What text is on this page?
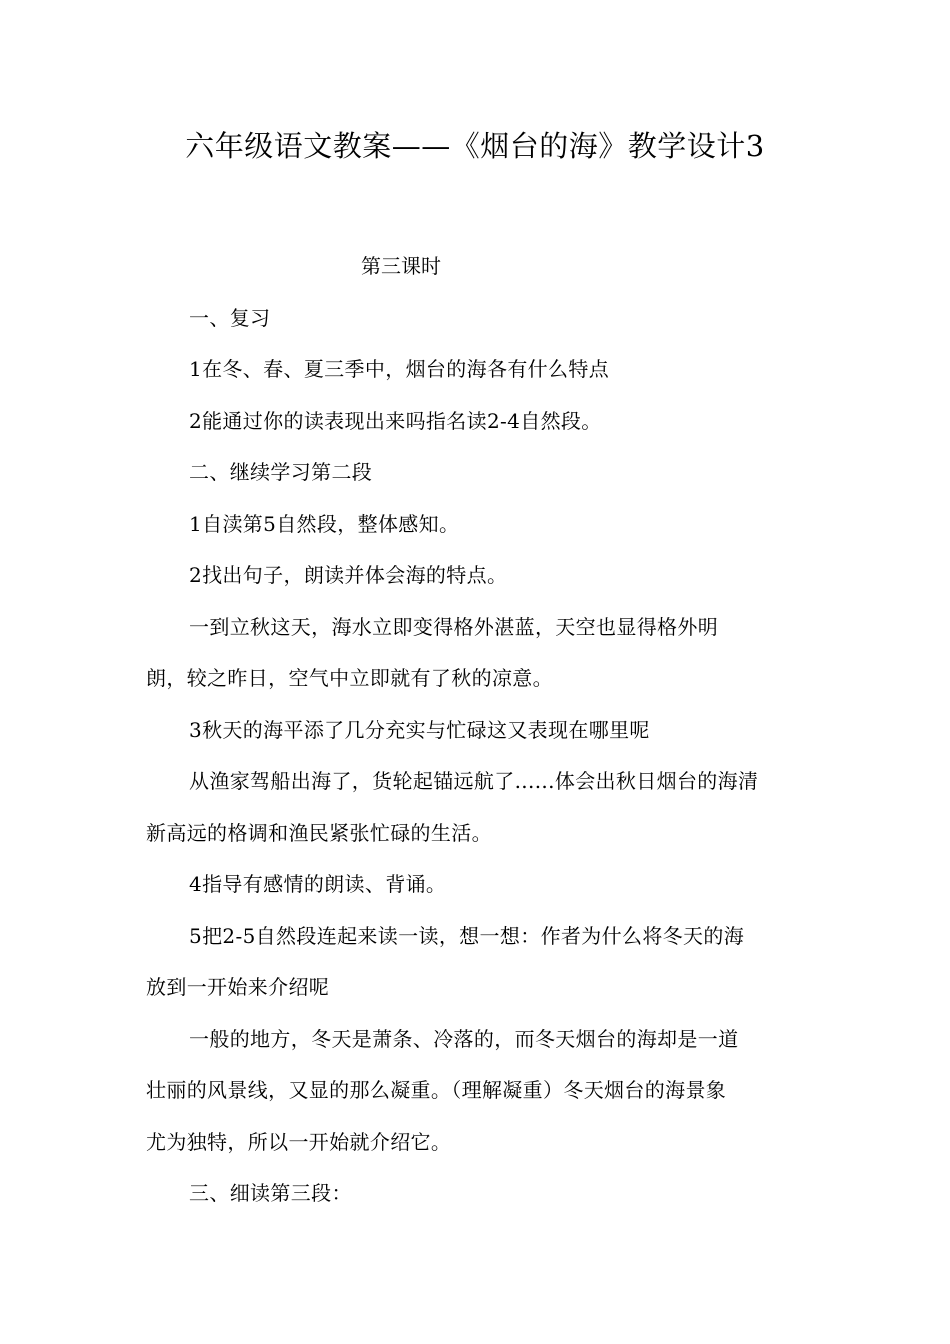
六年级语文教案——《烟台的海》教学设计3
第三课时
一、复习
1在冬、春、夏三季中，烟台的海各有什么特点
2能通过你的读表现出来吗指名读2-4自然段。
二、继续学习第二段
1自渎第5自然段，整体感知。
2找出句子，朗读并体会海的特点。
一到立秋这天，海水立即变得格外湛蓝，天空也显得格外明
朗，较之昨日，空气中立即就有了秋的凉意。
3秋天的海平添了几分充实与忙碌这又表现在哪里呢
从渔家驾船出海了，货轮起锚远航了......体会出秋日烟台的海清
新高远的格调和渔民紧张忙碌的生活。
4指导有感情的朗读、背诵。
5把2-5自然段连起来读一读，想一想：作者为什么将冬天的海
放到一开始来介绍呢
一般的地方，冬天是萧条、冷落的，而冬天烟台的海却是一道
壮丽的风景线，又显的那么凝重。（理解凝重）冬天烟台的海景象
尤为独特，所以一开始就介绍它。
三、细读第三段：
